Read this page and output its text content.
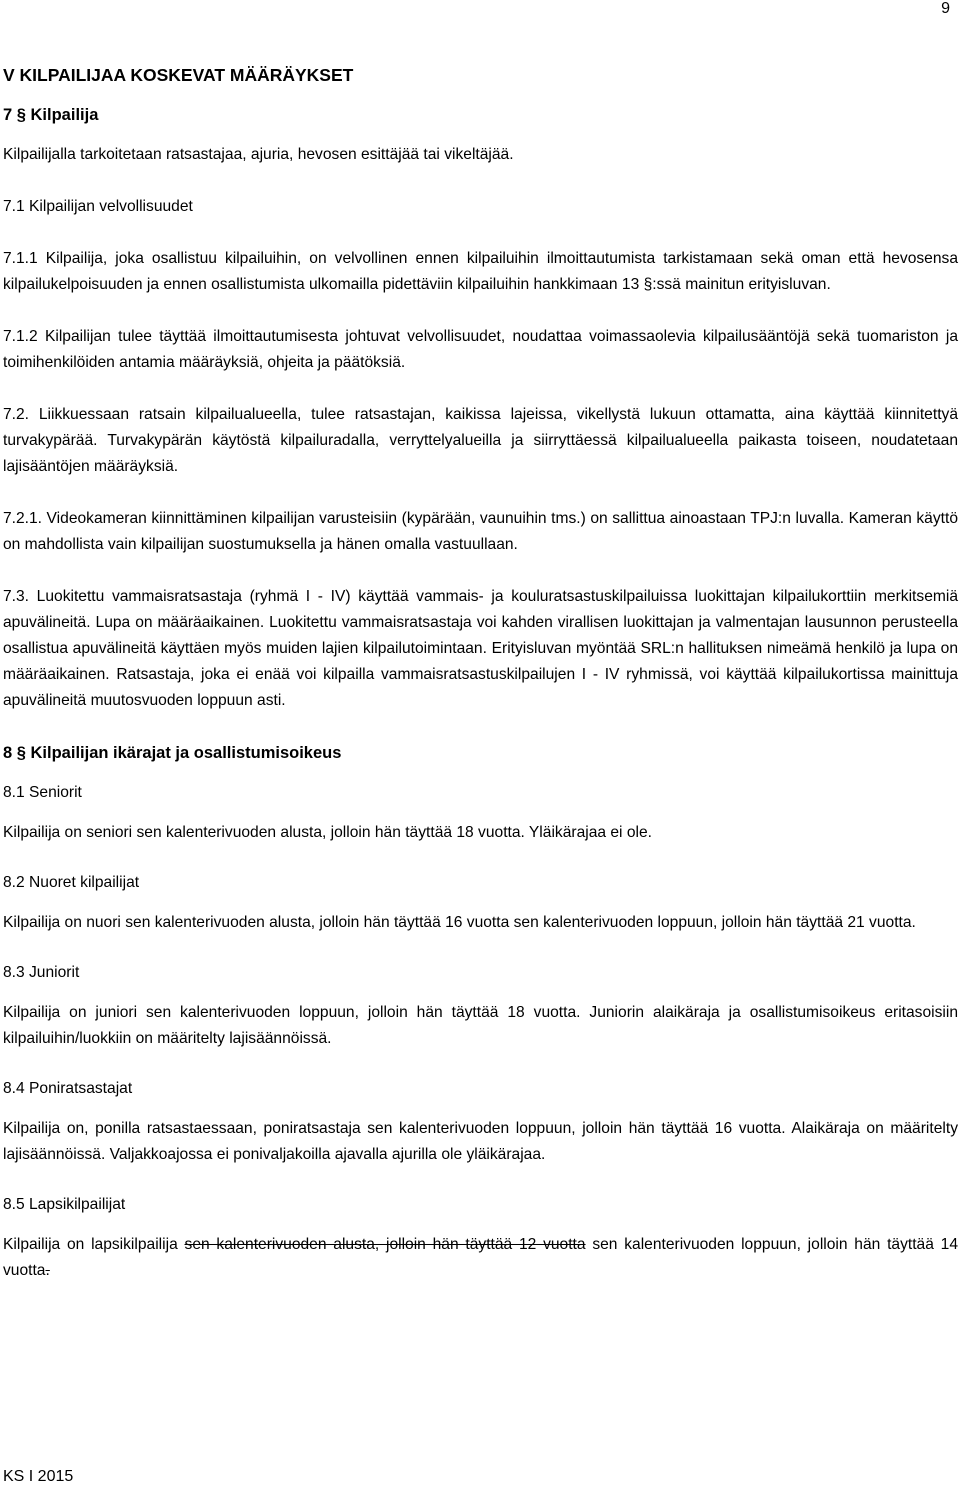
9

V KILPAILIJAA KOSKEVAT MÄÄRÄYKSET

7 § Kilpailija

Kilpailijalla tarkoitetaan ratsastajaa, ajuria, hevosen esittäjää tai vikeltäjää.

7.1 Kilpailijan velvollisuudet

7.1.1 Kilpailija, joka osallistuu kilpailuihin, on velvollinen ennen kilpailuihin ilmoittautumista tarkistamaan sekä oman että hevosensa kilpailukelpoisuuden ja ennen osallistumista ulkomailla pidettäviin kilpailuihin hankkimaan 13 §:ssä mainitun erityisluvan.

7.1.2 Kilpailijan tulee täyttää ilmoittautumisesta johtuvat velvollisuudet, noudattaa voimassaolevia kilpailusääntöjä sekä tuomariston ja toimihenkilöiden antamia määräyksiä, ohjeita ja päätöksiä.

7.2. Liikkuessaan ratsain kilpailualueella, tulee ratsastajan, kaikissa lajeissa, vikellystä lukuun ottamatta, aina käyttää kiinnitettyä turvakypärää. Turvakypärän käytöstä kilpailuradalla, verryttelyalueilla ja siirryttäessä kilpailualueella paikasta toiseen, noudatetaan lajisääntöjen määräyksiä.

7.2.1. Videokameran kiinnittäminen kilpailijan varusteisiin (kypärään, vaunuihin tms.) on sallittua ainoastaan TPJ:n luvalla. Kameran käyttö on mahdollista vain kilpailijan suostumuksella ja hänen omalla vastuullaan.

7.3. Luokitettu vammaisratsastaja (ryhmä I - IV) käyttää vammais- ja kouluratsastuskilpailuissa luokittajan kilpailukorttiin merkitsemiä apuvälineitä. Lupa on määräaikainen. Luokitettu vammaisratsastaja voi kahden virallisen luokittajan ja valmentajan lausunnon perusteella osallistua apuvälineitä käyttäen myös muiden lajien kilpailutoimintaan. Erityisluvan myöntää SRL:n hallituksen nimeämä henkilö ja lupa on määräaikainen. Ratsastaja, joka ei enää voi kilpailla vammaisratsastuskilpailujen I - IV ryhmissä, voi käyttää kilpailukortissa mainittuja apuvälineitä muutosvuoden loppuun asti.

8 § Kilpailijan ikärajat ja osallistumisoikeus

8.1 Seniorit

Kilpailija on seniori sen kalenterivuoden alusta, jolloin hän täyttää 18 vuotta. Yläikärajaa ei ole.

8.2 Nuoret kilpailijat

Kilpailija on nuori sen kalenterivuoden alusta, jolloin hän täyttää 16 vuotta sen kalenterivuoden loppuun, jolloin hän täyttää 21 vuotta.

8.3 Juniorit

Kilpailija on juniori sen kalenterivuoden loppuun, jolloin hän täyttää 18 vuotta. Juniorin alaikäraja ja osallistumisoikeus eritasoisiin kilpailuihin/luokkiin on määritelty lajisäännöissä.

8.4 Poniratsastajat

Kilpailija on, ponilla ratsastaessaan, poniratsastaja sen kalenterivuoden loppuun, jolloin hän täyttää 16 vuotta. Alaikäraja on määritelty lajisäännöissä. Valjakkoajossa ei ponivaljakoilla ajavalla ajurilla ole yläikärajaa.

8.5 Lapsikilpailijat

Kilpailija on lapsikilpailija sen kalenterivuoden alusta, jolloin hän täyttää 12 vuotta sen kalenterivuoden loppuun, jolloin hän täyttää 14 vuotta.

KS I 2015
